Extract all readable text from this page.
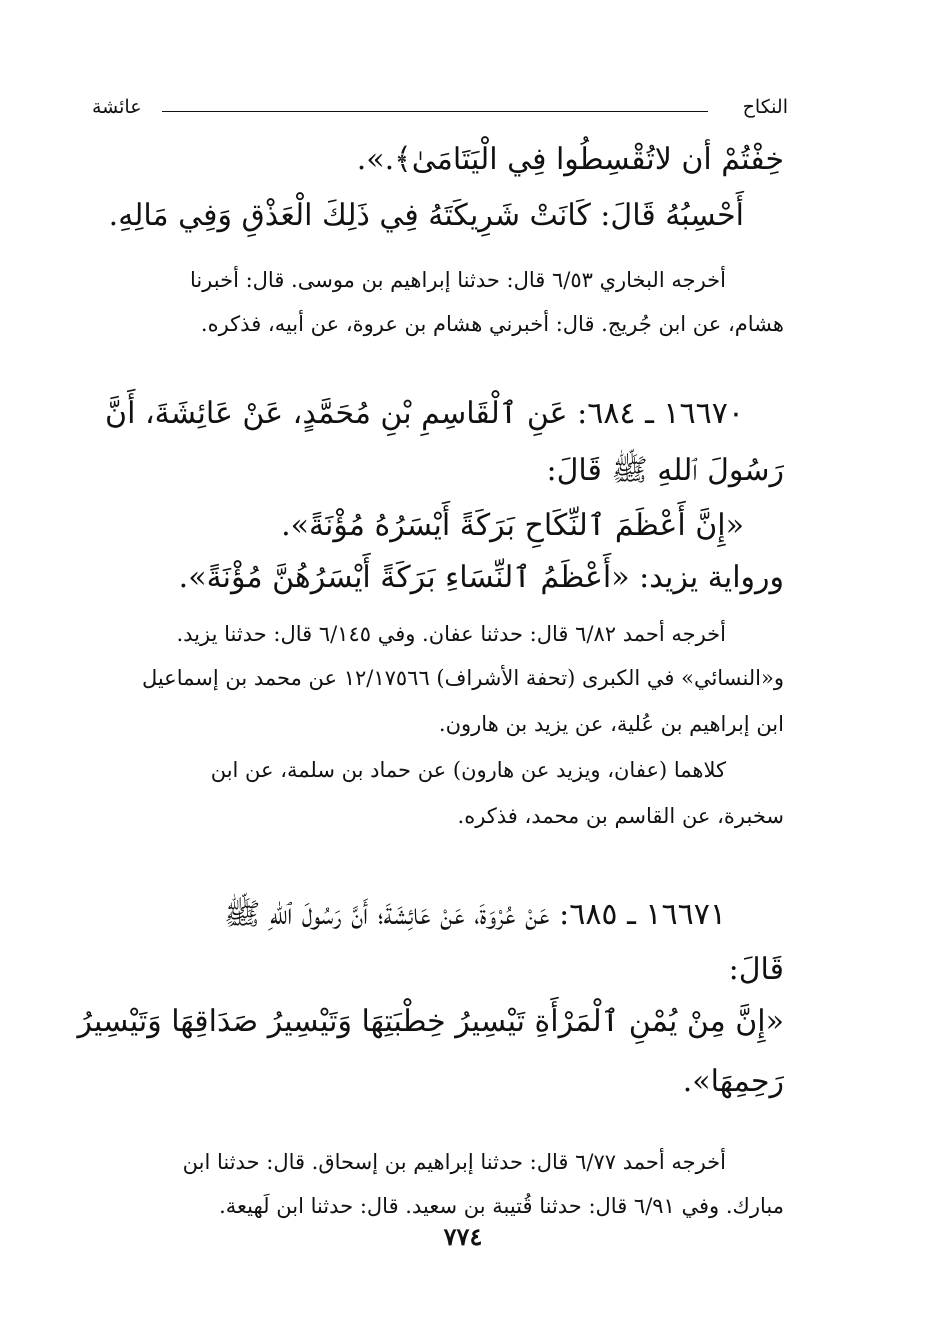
النكاح
عائشة
خِفْتُمْ أن لاتُقْسِطُوا فِي الْيَتَامَىٰ﴾.».
أَحْسِبُهُ قَالَ: كَانَتْ شَرِيكَتَهُ فِي ذَلِكَ الْعَذْقِ وَفِي مَالِهِ.
أخرجه البخاري ٦/٥٣ قال: حدثنا إبراهيم بن موسى. قال: أخبرنا
هشام، عن ابن جُريج. قال: أخبرني هشام بن عروة، عن أبيه، فذكره.
١٦٦٧٠ ـ ٦٨٤: عَنِ ٱلْقَاسِمِ بْنِ مُحَمَّدٍ، عَنْ عَائِشَةَ، أَنَّ
رَسُولَ ٱللهِ ﷺ قَالَ:
«إِنَّ أَعْظَمَ ٱلنِّكَاحِ بَرَكَةً أَيْسَرُهُ مُؤْنَةً».
ورواية يزيد: «أَعْظَمُ ٱلنِّسَاءِ بَرَكَةً أَيْسَرُهُنَّ مُؤْنَةً».
أخرجه أحمد ٦/٨٢ قال: حدثنا عفان. وفي ٦/١٤٥ قال: حدثنا يزيد.
و«النسائي» في الكبرى (تحفة الأشراف) ١٢/١٧٥٦٦ عن محمد بن إسماعيل
ابن إبراهيم بن عُلية، عن يزيد بن هارون.
كلاهما (عفان، ويزيد عن هارون) عن حماد بن سلمة، عن ابن
سخبرة، عن القاسم بن محمد، فذكره.
١٦٦٧١ ـ ٦٨٥: عَنْ عُرْوَةَ، عَنْ عَائِشَةَ؛ أَنَّ رَسُولَ ٱللهِ ﷺ
قَالَ:
«إِنَّ مِنْ يُمْنِ ٱلْمَرْأَةِ تَيْسِيرُ خِطْبَتِهَا وَتَيْسِيرُ صَدَاقِهَا وَتَيْسِيرُ
رَحِمِهَا».
أخرجه أحمد ٦/٧٧ قال: حدثنا إبراهيم بن إسحاق. قال: حدثنا ابن
مبارك. وفي ٦/٩١ قال: حدثنا قُتيبة بن سعيد. قال: حدثنا ابن لَهيعة.
٧٧٤
